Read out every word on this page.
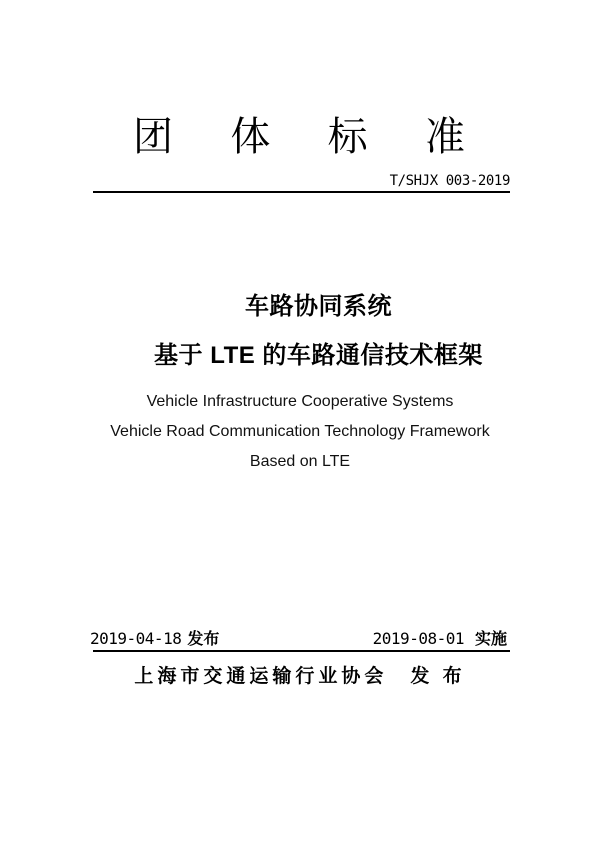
团 体 标 准
T/SHJX 003-2019
车路协同系统
基于 LTE 的车路通信技术框架
Vehicle Infrastructure Cooperative Systems
Vehicle Road Communication Technology Framework
Based on LTE
2019-04-18 发布	2019-08-01 实施
上海市交通运输行业协会 发 布
